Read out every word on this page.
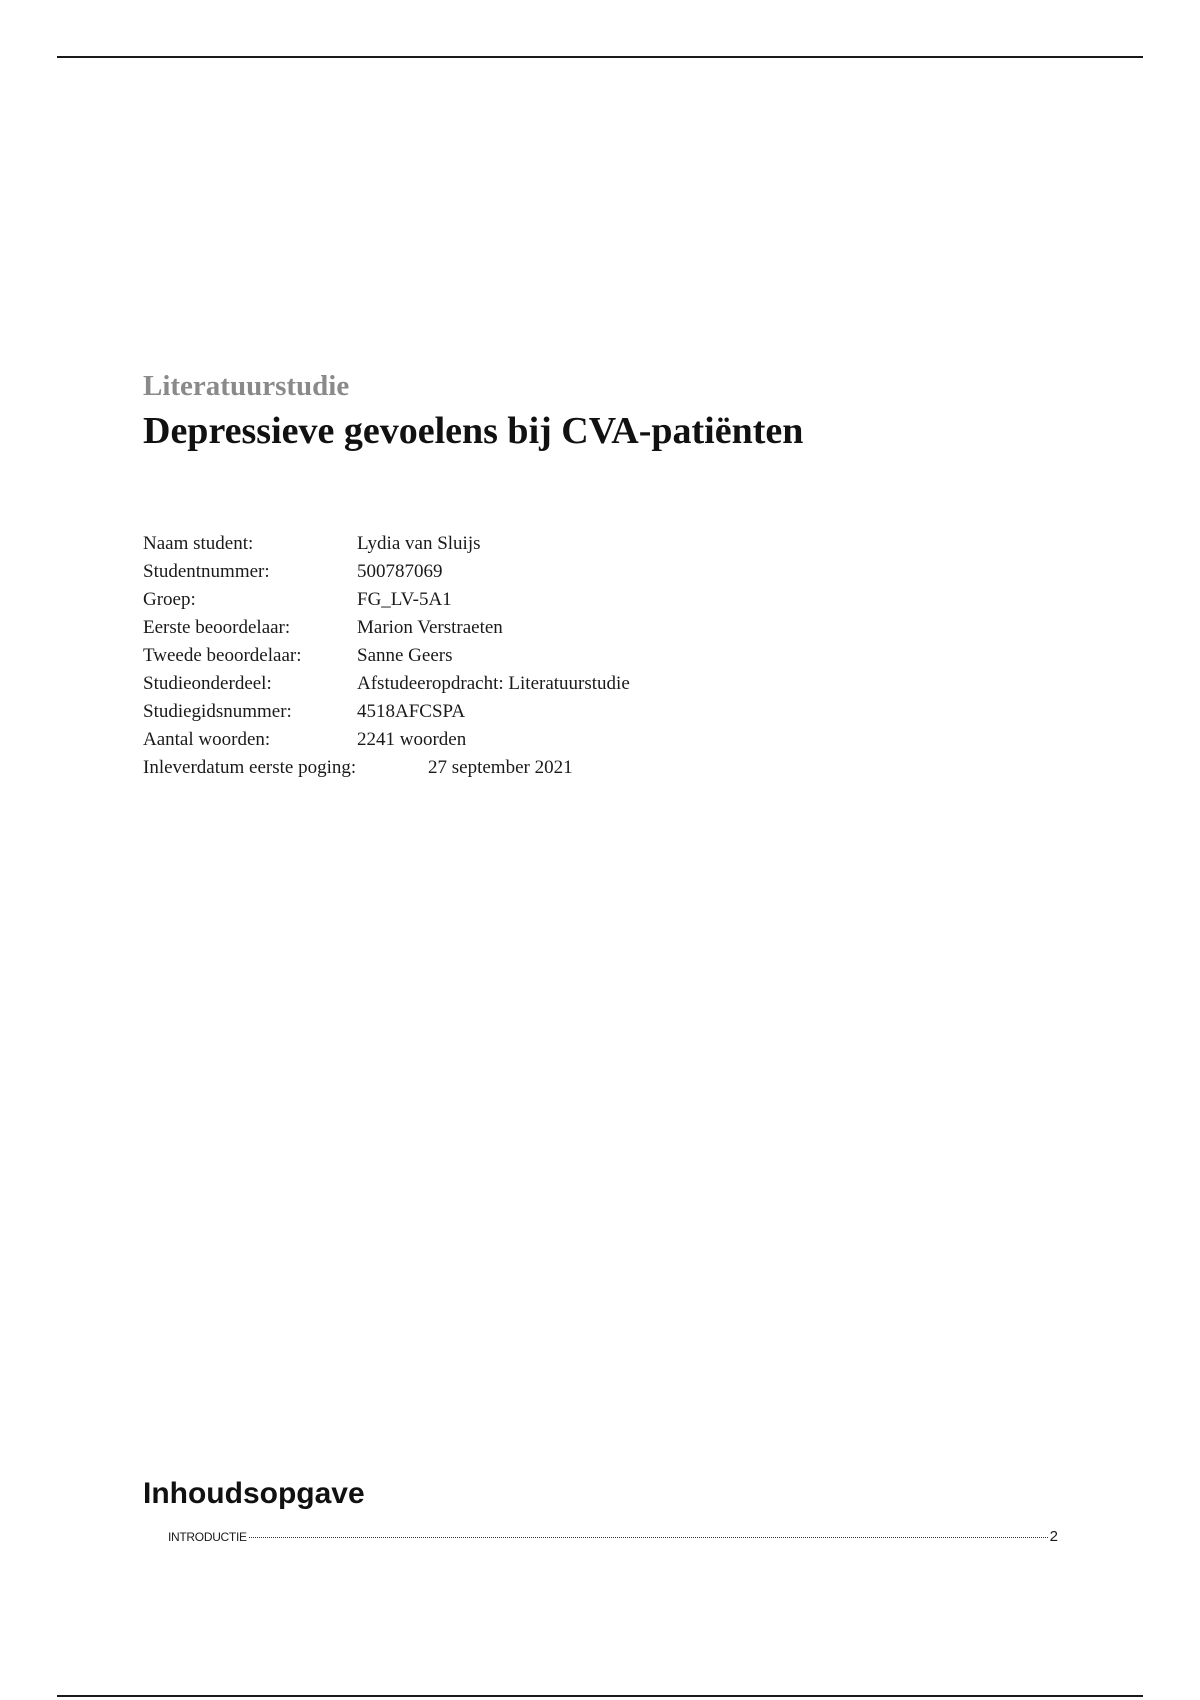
Literatuurstudie
Depressieve gevoelens bij CVA-patiënten
Naam student:	Lydia van Sluijs
Studentnummer:	500787069
Groep:	FG_LV-5A1
Eerste beoordelaar:	Marion Verstraeten
Tweede beoordelaar:	Sanne Geers
Studieonderdeel:	Afstudeeropdracht: Literatuurstudie
Studiegidsnummer:	4518AFCSPA
Aantal woorden:	2241 woorden
Inleverdatum eerste poging:	27 september 2021
Inhoudsopgave
INTRODUCTIE	2
